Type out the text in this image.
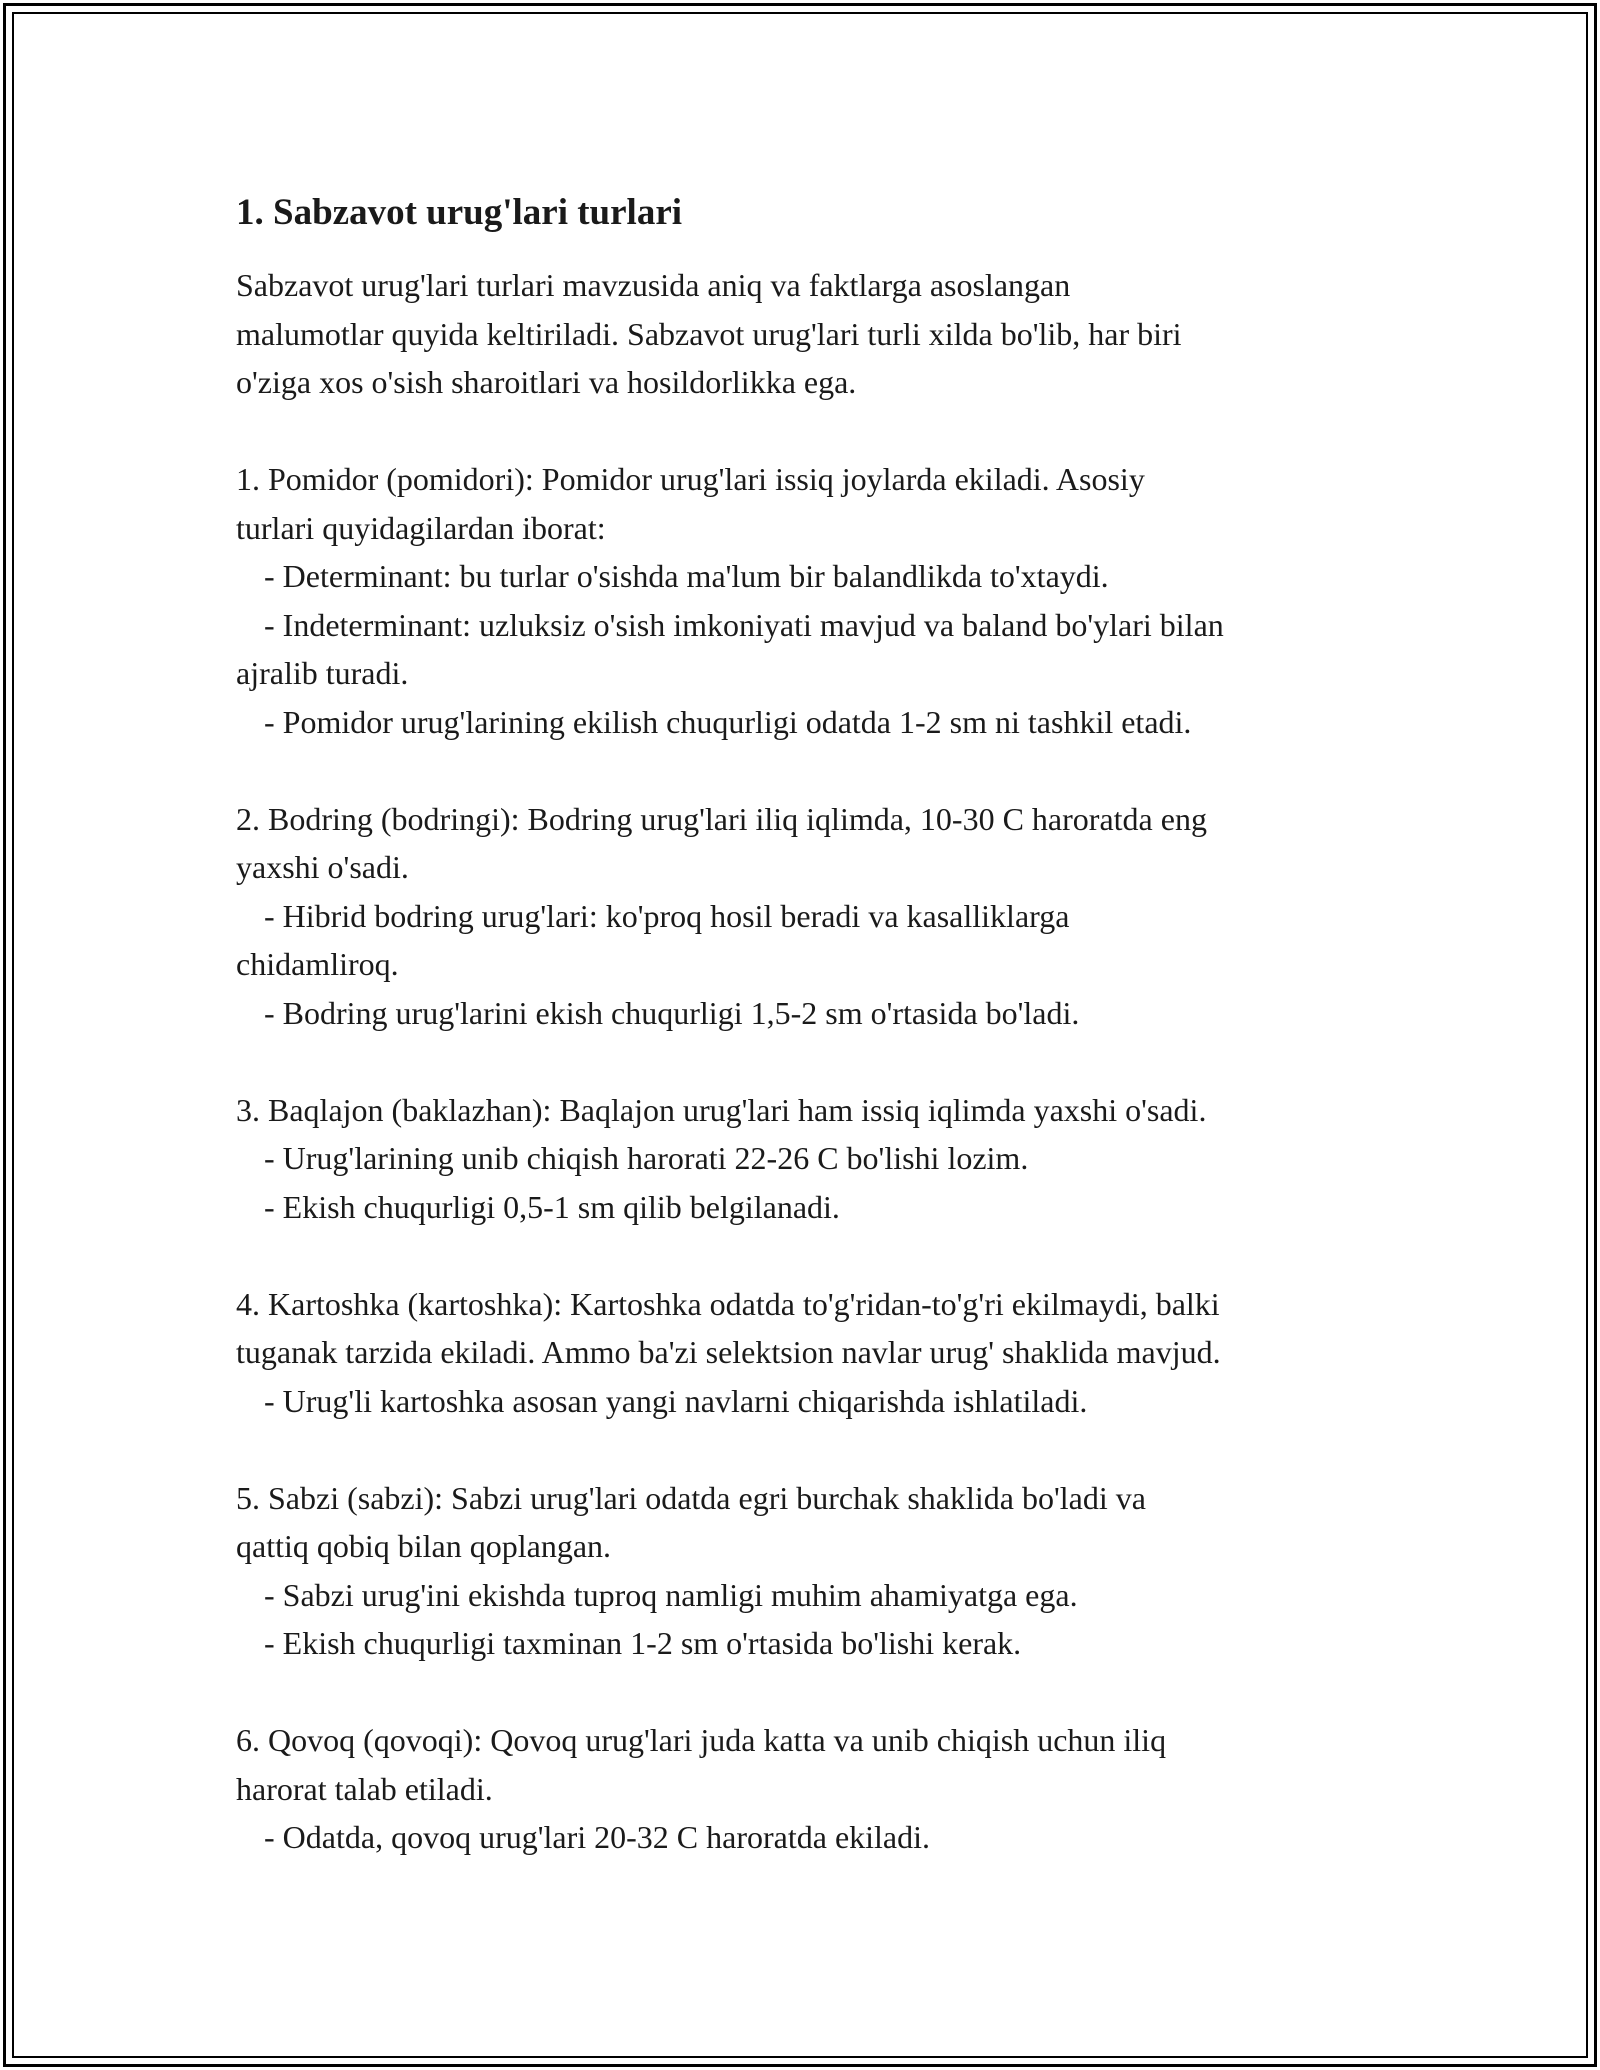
1. Sabzavot urug'lari turlari

Sabzavot urug'lari turlari mavzusida aniq va faktlarga asoslangan

malumotlar quyida keltiriladi. Sabzavot urug'lari turli xilda bo'lib, har biri

o'ziga xos o'sish sharoitlari va hosildorlikka ega.

1. Pomidor (pomidori): Pomidor urug'lari issiq joylarda ekiladi. Asosiy

turlari quyidagilardan iborat:

- Determinant: bu turlar o'sishda ma'lum bir balandlikda to'xtaydi.

- Indeterminant: uzluksiz o'sish imkoniyati mavjud va baland bo'ylari bilan

ajralib turadi.

- Pomidor urug'larining ekilish chuqurligi odatda 1-2 sm ni tashkil etadi.

2. Bodring (bodringi): Bodring urug'lari iliq iqlimda, 10-30 C haroratda eng

yaxshi o'sadi.

- Hibrid bodring urug'lari: ko'proq hosil beradi va kasalliklarga

chidamliroq.

- Bodring urug'larini ekish chuqurligi 1,5-2 sm o'rtasida bo'ladi.

3. Baqlajon (baklazhan): Baqlajon urug'lari ham issiq iqlimda yaxshi o'sadi.

- Urug'larining unib chiqish harorati 22-26 C bo'lishi lozim.

- Ekish chuqurligi 0,5-1 sm qilib belgilanadi.

4. Kartoshka (kartoshka): Kartoshka odatda to'g'ridan-to'g'ri ekilmaydi, balki

tuganak tarzida ekiladi. Ammo ba'zi selektsion navlar urug' shaklida mavjud.

- Urug'li kartoshka asosan yangi navlarni chiqarishda ishlatiladi.

5. Sabzi (sabzi): Sabzi urug'lari odatda egri burchak shaklida bo'ladi va

qattiq qobiq bilan qoplangan.

- Sabzi urug'ini ekishda tuproq namligi muhim ahamiyatga ega.

- Ekish chuqurligi taxminan 1-2 sm o'rtasida bo'lishi kerak.

6. Qovoq (qovoqi): Qovoq urug'lari juda katta va unib chiqish uchun iliq

harorat talab etiladi.

- Odatda, qovoq urug'lari 20-32 C haroratda ekiladi.
